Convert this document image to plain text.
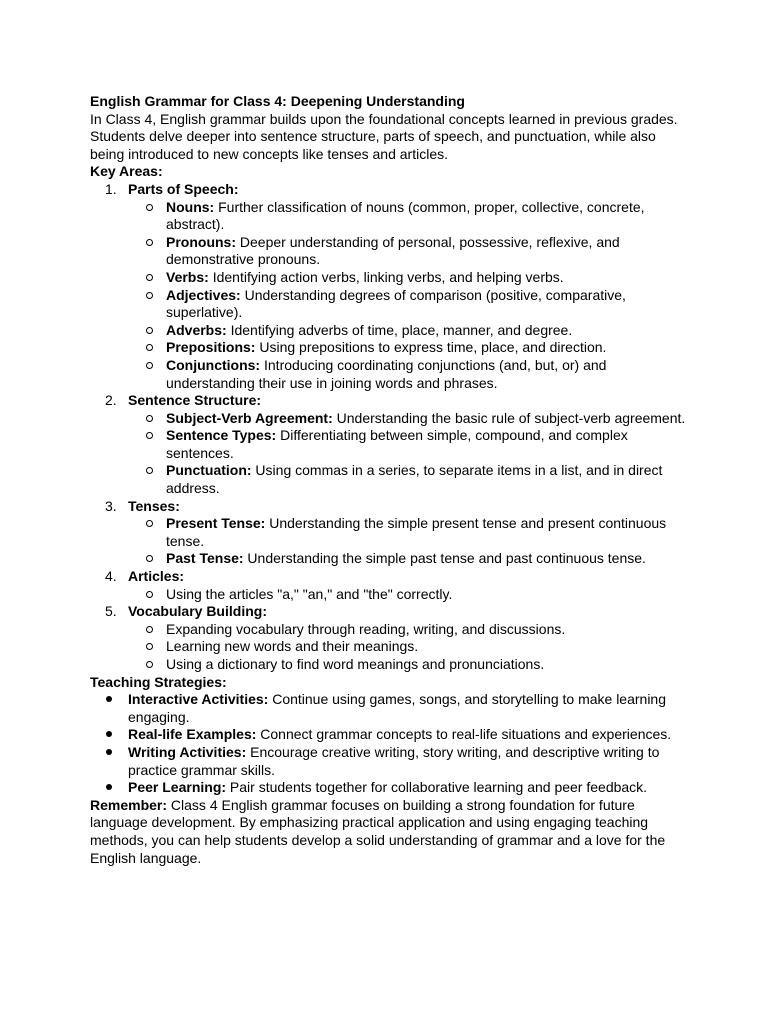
English Grammar for Class 4: Deepening Understanding

In Class 4, English grammar builds upon the foundational concepts learned in previous grades. Students delve deeper into sentence structure, parts of speech, and punctuation, while also being introduced to new concepts like tenses and articles.

Key Areas:

1. Parts of Speech:
Nouns: Further classification of nouns (common, proper, collective, concrete, abstract).
Pronouns: Deeper understanding of personal, possessive, reflexive, and demonstrative pronouns.
Verbs: Identifying action verbs, linking verbs, and helping verbs.
Adjectives: Understanding degrees of comparison (positive, comparative, superlative).
Adverbs: Identifying adverbs of time, place, manner, and degree.
Prepositions: Using prepositions to express time, place, and direction.
Conjunctions: Introducing coordinating conjunctions (and, but, or) and understanding their use in joining words and phrases.
2. Sentence Structure:
Subject-Verb Agreement: Understanding the basic rule of subject-verb agreement.
Sentence Types: Differentiating between simple, compound, and complex sentences.
Punctuation: Using commas in a series, to separate items in a list, and in direct address.
3. Tenses:
Present Tense: Understanding the simple present tense and present continuous tense.
Past Tense: Understanding the simple past tense and past continuous tense.
4. Articles:
Using the articles "a," "an," and "the" correctly.
5. Vocabulary Building:
Expanding vocabulary through reading, writing, and discussions.
Learning new words and their meanings.
Using a dictionary to find word meanings and pronunciations.

Teaching Strategies:

Interactive Activities: Continue using games, songs, and storytelling to make learning engaging.
Real-life Examples: Connect grammar concepts to real-life situations and experiences.
Writing Activities: Encourage creative writing, story writing, and descriptive writing to practice grammar skills.
Peer Learning: Pair students together for collaborative learning and peer feedback.

Remember: Class 4 English grammar focuses on building a strong foundation for future language development. By emphasizing practical application and using engaging teaching methods, you can help students develop a solid understanding of grammar and a love for the English language.
